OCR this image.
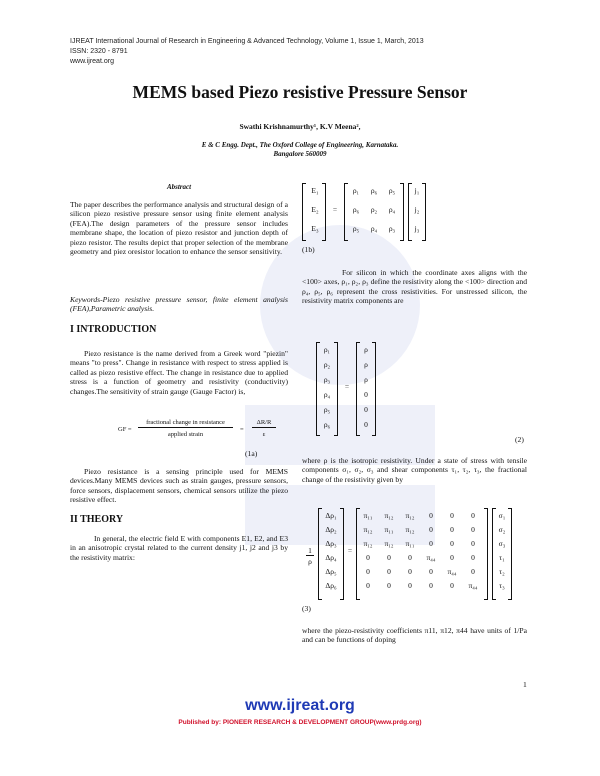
IJREAT International Journal of Research in Engineering & Advanced Technology, Volume 1, Issue 1, March, 2013
ISSN: 2320 - 8791
www.ijreat.org
MEMS based Piezo resistive Pressure Sensor
Swathi Krishnamurthy¹, K.V Meena²,
E & C Engg. Dept., The Oxford College of Engineering, Karnataka.
Bangalore 560009
Abstract
The paper describes the performance analysis and structural design of a silicon piezo resistive pressure sensor using finite element analysis (FEA).The design parameters of the pressure sensor includes membrane shape, the location of piezo resistor and junction depth of piezo resistor. The results depict that proper selection of the membrane geometry and piez oresistor location to enhance the sensor sensitivity.
Keywords-Piezo resistive pressure sensor, finite element analysis (FEA),Parametric analysis.
I INTRODUCTION

Piezo resistance is the name derived from a Greek word "piezin" means "to press". Change in resistance with respect to stress applied is called as piezo resistive effect. The change in resistance due to applied stress is a function of geometry and resistivity (conductivity) changes.The sensitivity of strain gauge (Gauge Factor) is,

GF =
fractional change in resistance
applied strain
=
ΔR/R
ε
(1a)

Piezo resistance is a sensing principle used for MEMS devices.Many MEMS devices such as strain gauges, pressure sensors, force sensors, displacement sensors, chemical sensors utilize the piezo resistive effect.

II THEORY

In general, the electric field E with components E1, E2, and E3 in an anisotropic crystal related to the current density j1, j2 and j3 by the resistivity matrix:

E₁
E₂
E₃
=
ρ₁	ρ₆	ρ₅
ρ₆	ρ₂	ρ₄
ρ₅	ρ₄	ρ₃
j₁
j₂
j₃
(1b)

For silicon in which the coordinate axes aligns with the <100> axes, ρ₁, ρ₂, ρ₃ define the resistivity along the <100> direction and ρ₄, ρ₅, ρ₆ represent the cross resistivities. For unstressed silicon, the resistivity matrix components are

ρ₁
ρ₂
ρ₃
ρ₄
ρ₅
ρ₆
=
ρ
ρ
ρ
0
0
0
(2)

where ρ is the isotropic resistivity. Under a state of stress with tensile components σ₁, σ₂, σ₃ and shear components τ₁, τ₂, τ₃, the fractional change of the resistivity given by

1
ρ
Δρ₁
Δρ₂
Δρ₃
Δρ₄
Δρ₅
Δρ₆
=
π₁₁	π₁₂	π₁₂	0	0	0
π₁₂	π₁₁	π₁₂	0	0	0
π₁₂	π₁₂	π₁₁	0	0	0
0	0	0	π₄₄	0	0
0	0	0	0	π₄₄	0
0	0	0	0	0	π₄₄
σ₁
σ₂
σ₃
τ₁
τ₂
τ₃
(3)

where the piezo-resistivity coefficients π11, π12, π44 have units of 1/Pa and can be functions of doping

1
www.ijreat.org
Published by: PIONEER RESEARCH & DEVELOPMENT GROUP(www.prdg.org)
